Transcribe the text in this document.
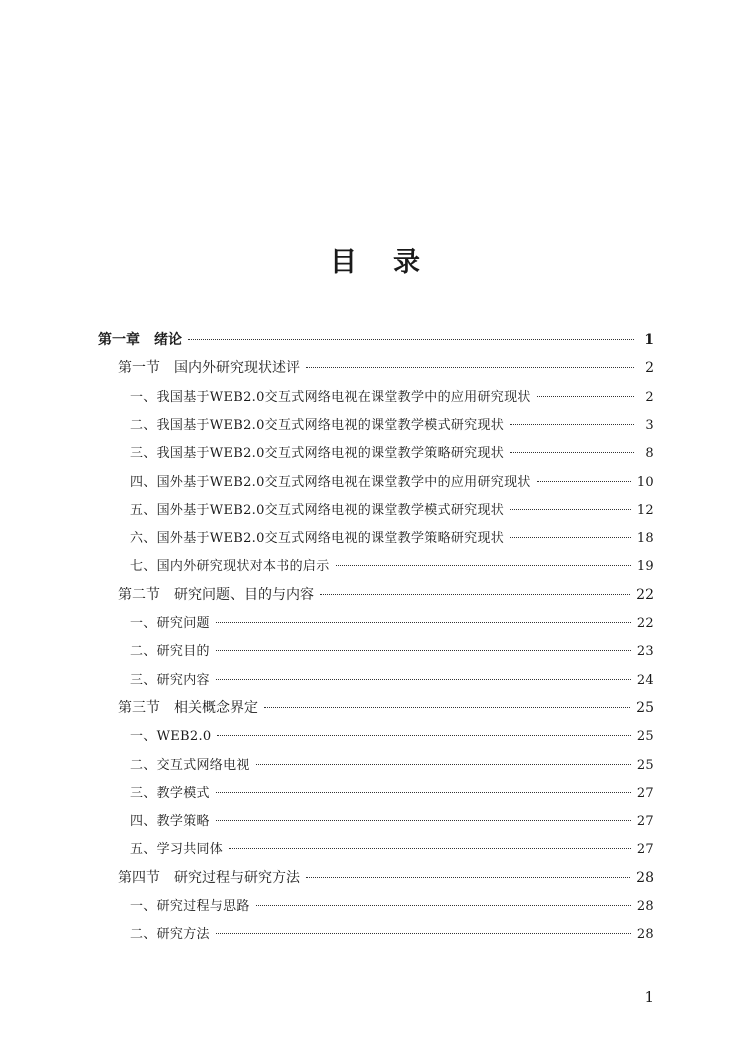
目录
第一章　绪论	1
第一节　国内外研究现状述评	2
一、我国基于WEB2.0交互式网络电视在课堂教学中的应用研究现状	2
二、我国基于WEB2.0交互式网络电视的课堂教学模式研究现状	3
三、我国基于WEB2.0交互式网络电视的课堂教学策略研究现状	8
四、国外基于WEB2.0交互式网络电视在课堂教学中的应用研究现状	10
五、国外基于WEB2.0交互式网络电视的课堂教学模式研究现状	12
六、国外基于WEB2.0交互式网络电视的课堂教学策略研究现状	18
七、国内外研究现状对本书的启示	19
第二节　研究问题、目的与内容	22
一、研究问题	22
二、研究目的	23
三、研究内容	24
第三节　相关概念界定	25
一、WEB2.0	25
二、交互式网络电视	25
三、教学模式	27
四、教学策略	27
五、学习共同体	27
第四节　研究过程与研究方法	28
一、研究过程与思路	28
二、研究方法	28
1
